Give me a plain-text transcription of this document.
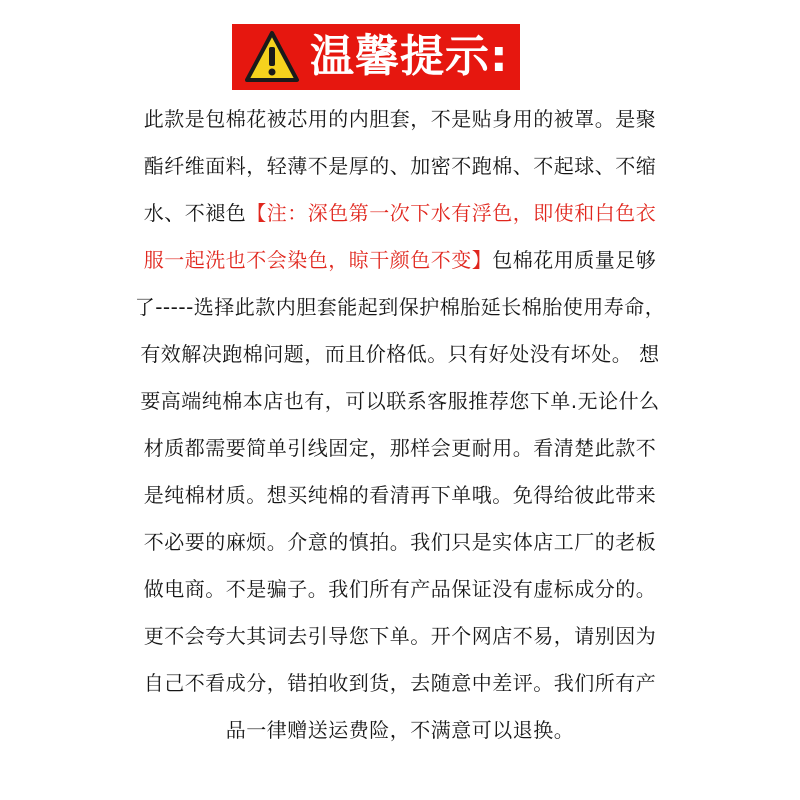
温馨提示:
此款是包棉花被芯用的内胆套，不是贴身用的被罩。是聚
酯纤维面料，轻薄不是厚的、加密不跑棉、不起球、不缩
水、不褪色【注：深色第一次下水有浮色，即使和白色衣
服一起洗也不会染色，晾干颜色不变】包棉花用质量足够
了-----选择此款内胆套能起到保护棉胎延长棉胎使用寿命，
有效解决跑棉问题，而且价格低。只有好处没有坏处。 想
要高端纯棉本店也有，可以联系客服推荐您下单.无论什么
材质都需要简单引线固定，那样会更耐用。看清楚此款不
是纯棉材质。想买纯棉的看清再下单哦。免得给彼此带来
不必要的麻烦。介意的慎拍。我们只是实体店工厂的老板
做电商。不是骗子。我们所有产品保证没有虚标成分的。
更不会夸大其词去引导您下单。开个网店不易，请别因为
自己不看成分，错拍收到货，去随意中差评。我们所有产
品一律赠送运费险，不满意可以退换。
